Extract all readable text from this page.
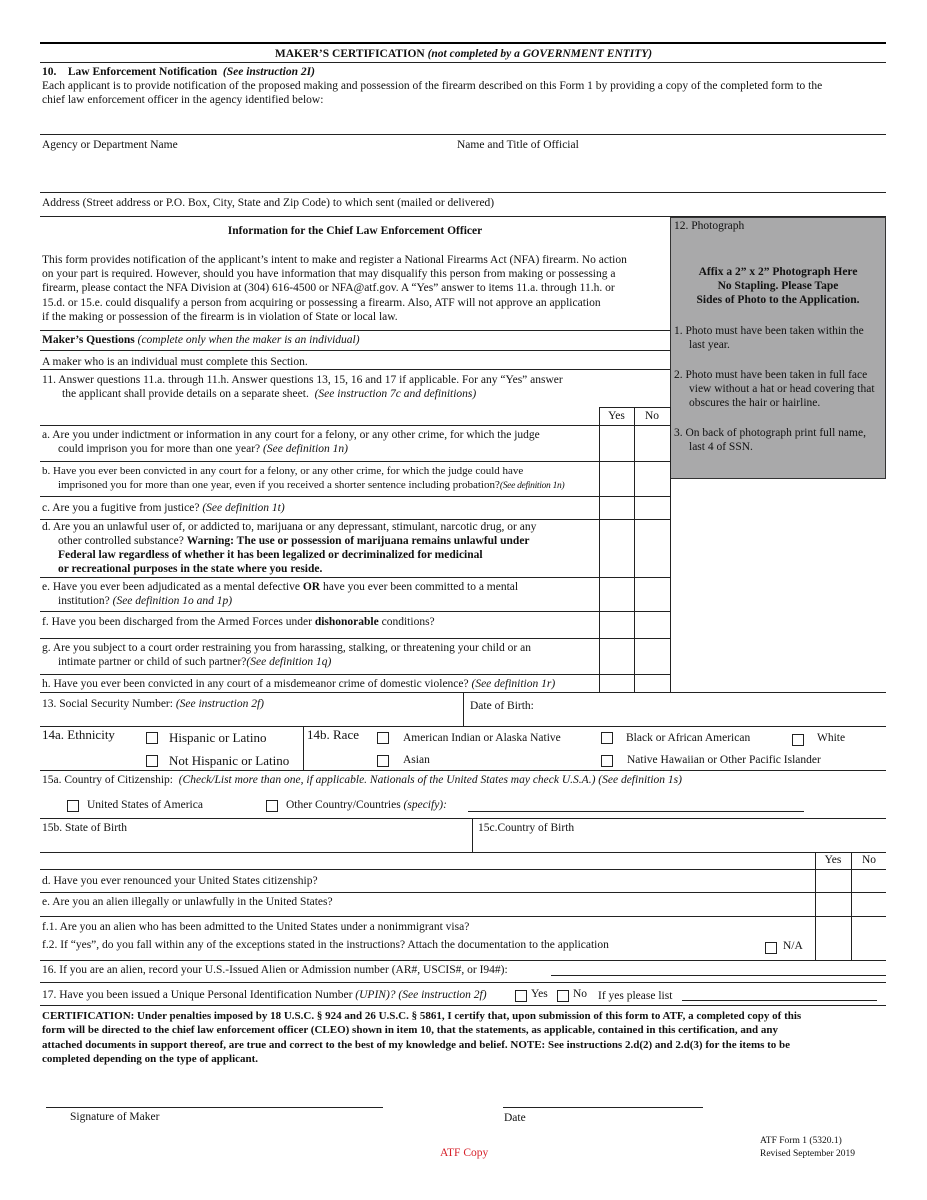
MAKER’S CERTIFICATION (not completed by a GOVERNMENT ENTITY)
10. Law Enforcement Notification (See instruction 2I)
Each applicant is to provide notification of the proposed making and possession of the firearm described on this Form 1 by providing a copy of the completed form to the
chief law enforcement officer in the agency identified below:
Agency or Department Name	Name and Title of Official
Address (Street address or P.O. Box, City, State and Zip Code) to which sent (mailed or delivered)
Information for the Chief Law Enforcement Officer
This form provides notification of the applicant’s intent to make and register a National Firearms Act (NFA) firearm. No action
on your part is required. However, should you have information that may disqualify this person from making or possessing a
firearm, please contact the NFA Division at (304) 616-4500 or NFA@atf.gov. A “Yes” answer to items 11.a. through 11.h. or
15.d. or 15.e. could disqualify a person from acquiring or possessing a firearm. Also, ATF will not approve an application
if the making or possession of the firearm is in violation of State or local law.
12. Photograph
Affix a 2” x 2” Photograph Here
No Stapling. Please Tape
Sides of Photo to the Application.
1. Photo must have been taken within the
last year.
2. Photo must have been taken in full face
view without a hat or head covering that
obscures the hair or hairline.
3. On back of photograph print full name,
last 4 of SSN.
Maker’s Questions (complete only when the maker is an individual)
A maker who is an individual must complete this Section.
11. Answer questions 11.a. through 11.h. Answer questions 13, 15, 16 and 17 if applicable. For any “Yes” answer
the applicant shall provide details on a separate sheet. (See instruction 7c and definitions)
Yes	No
a. Are you under indictment or information in any court for a felony, or any other crime, for which the judge
could imprison you for more than one year? (See definition 1n)
b. Have you ever been convicted in any court for a felony, or any other crime, for which the judge could have
imprisoned you for more than one year, even if you received a shorter sentence including probation?(See definition 1n)
c. Are you a fugitive from justice? (See definition 1t)
d. Are you an unlawful user of, or addicted to, marijuana or any depressant, stimulant, narcotic drug, or any
other controlled substance? Warning: The use or possession of marijuana remains unlawful under
Federal law regardless of whether it has been legalized or decriminalized for medicinal
or recreational purposes in the state where you reside.
e. Have you ever been adjudicated as a mental defective OR have you ever been committed to a mental
institution? (See definition 1o and 1p)
f. Have you been discharged from the Armed Forces under dishonorable conditions?
g. Are you subject to a court order restraining you from harassing, stalking, or threatening your child or an
intimate partner or child of such partner?(See definition 1q)
h. Have you ever been convicted in any court of a misdemeanor crime of domestic violence? (See definition 1r)
13. Social Security Number: (See instruction 2f)	Date of Birth:
14a. Ethnicity	Hispanic or Latino
Not Hispanic or Latino
14b. Race	American Indian or Alaska Native	Black or African American	White
Asian	Native Hawaiian or Other Pacific Islander
15a. Country of Citizenship: (Check/List more than one, if applicable. Nationals of the United States may check U.S.A.) (See definition 1s)
United States of America	Other Country/Countries (specify):
15b. State of Birth	15c.Country of Birth
Yes	No
d. Have you ever renounced your United States citizenship?
e. Are you an alien illegally or unlawfully in the United States?
f.1. Are you an alien who has been admitted to the United States under a nonimmigrant visa?
f.2. If “yes”, do you fall within any of the exceptions stated in the instructions? Attach the documentation to the application	N/A
16. If you are an alien, record your U.S.-Issued Alien or Admission number (AR#, USCIS#, or I94#):
17. Have you been issued a Unique Personal Identification Number (UPIN)? (See instruction 2f)	Yes No If yes please list
CERTIFICATION: Under penalties imposed by 18 U.S.C. § 924 and 26 U.S.C. § 5861, I certify that, upon submission of this form to ATF, a completed copy of this
form will be directed to the chief law enforcement officer (CLEO) shown in item 10, that the statements, as applicable, contained in this certification, and any
attached documents in support thereof, are true and correct to the best of my knowledge and belief. NOTE: See instructions 2.d(2) and 2.d(3) for the items to be
completed depending on the type of applicant.
Signature of Maker	Date
ATF Copy
ATF Form 1 (5320.1)
Revised September 2019
